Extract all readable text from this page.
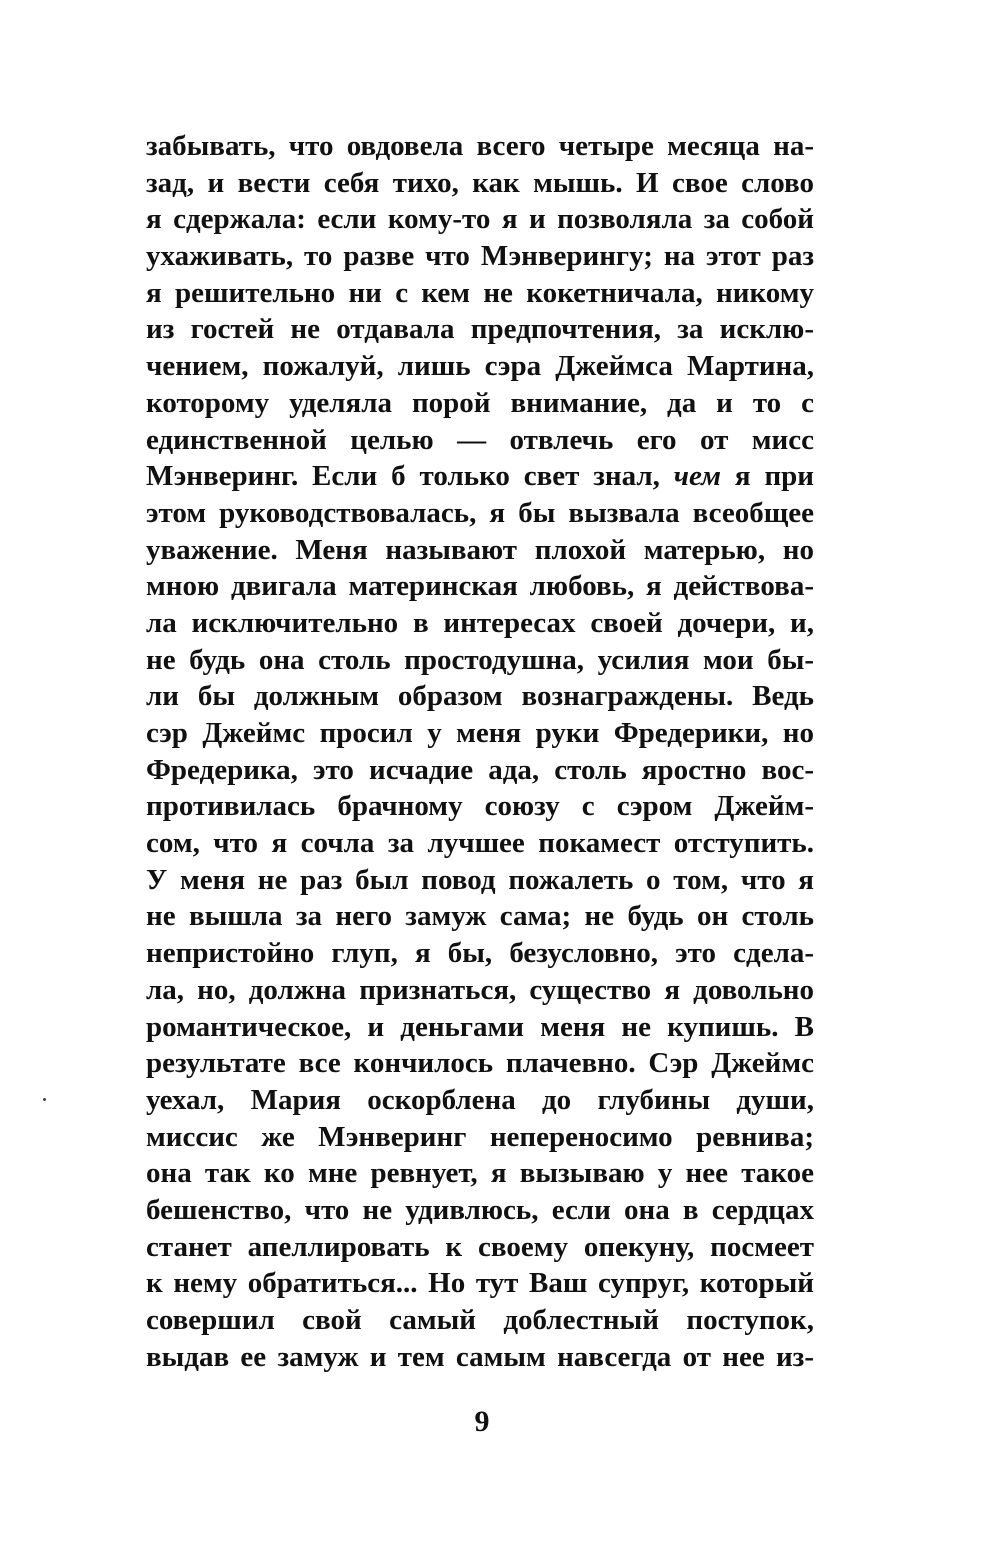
забывать, что овдовела всего четыре месяца на-
зад, и вести себя тихо, как мышь. И свое слово
я сдержала: если кому-то я и позволяла за собой
ухаживать, то разве что Мэнверингу; на этот раз
я решительно ни с кем не кокетничала, никому
из гостей не отдавала предпочтения, за исклю-
чением, пожалуй, лишь сэра Джеймса Мартина,
которому уделяла порой внимание, да и то с
единственной целью — отвлечь его от мисс
Мэнверинг. Если б только свет знал, чем я при
этом руководствовалась, я бы вызвала всеобщее
уважение. Меня называют плохой матерью, но
мною двигала материнская любовь, я действова-
ла исключительно в интересах своей дочери, и,
не будь она столь простодушна, усилия мои бы-
ли бы должным образом вознаграждены. Ведь
сэр Джеймс просил у меня руки Фредерики, но
Фредерика, это исчадие ада, столь яростно вос-
противилась брачному союзу с сэром Джейм-
сом, что я сочла за лучшее покамест отступить.
У меня не раз был повод пожалеть о том, что я
не вышла за него замуж сама; не будь он столь
непристойно глуп, я бы, безусловно, это сдела-
ла, но, должна признаться, существо я довольно
романтическое, и деньгами меня не купишь. В
результате все кончилось плачевно. Сэр Джеймс
уехал, Мария оскорблена до глубины души,
миссис же Мэнверинг непереносимо ревнива;
она так ко мне ревнует, я вызываю у нее такое
бешенство, что не удивлюсь, если она в сердцах
станет апеллировать к своему опекуну, посмеет
к нему обратиться... Но тут Ваш супруг, который
совершил свой самый доблестный поступок,
выдав ее замуж и тем самым навсегда от нее из-
9
